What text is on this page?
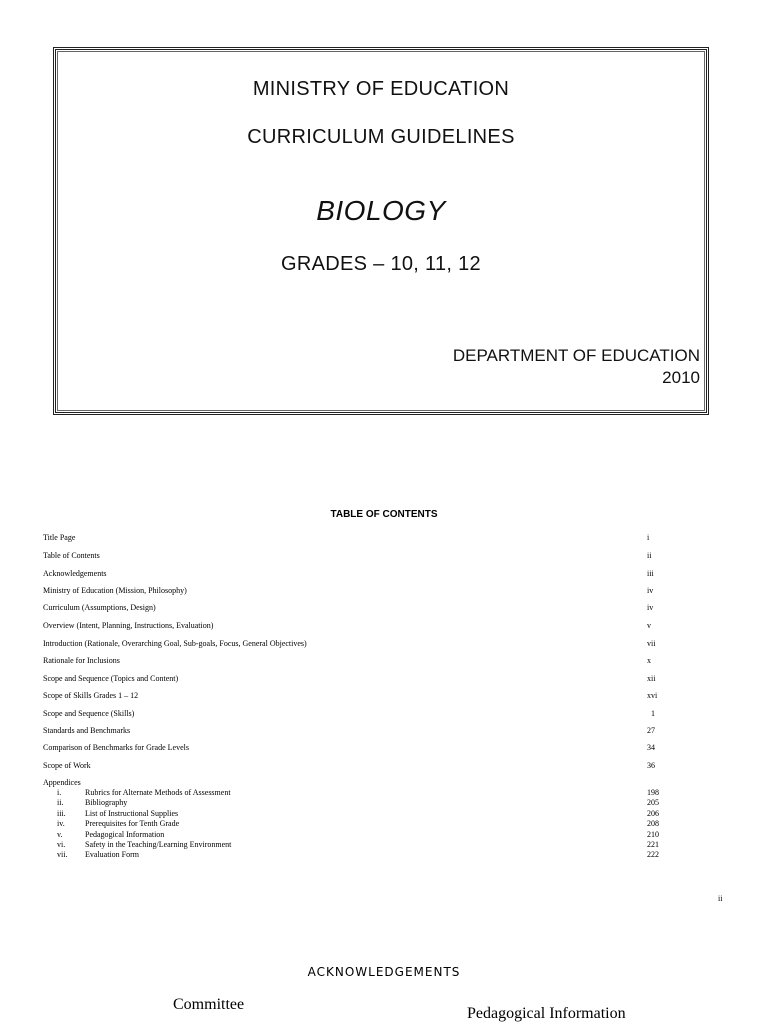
MINISTRY OF EDUCATION
CURRICULUM GUIDELINES
BIOLOGY
GRADES – 10, 11, 12
DEPARTMENT OF EDUCATION
2010
TABLE OF CONTENTS
Title Page	i
Table of Contents	ii
Acknowledgements	iii
Ministry of Education (Mission, Philosophy)	iv
Curriculum (Assumptions, Design)	iv
Overview (Intent, Planning, Instructions, Evaluation)	v
Introduction (Rationale, Overarching Goal, Sub-goals, Focus, General Objectives)	vii
Rationale for Inclusions	x
Scope and Sequence (Topics and Content)	xii
Scope of Skills Grades 1 – 12	xvi
Scope and Sequence (Skills)	1
Standards and Benchmarks	27
Comparison of Benchmarks for Grade Levels	34
Scope of Work	36
Appendices
i.	Rubrics for Alternate Methods of Assessment	198
ii.	Bibliography	205
iii. List of Instructional Supplies	206
iv.	Prerequisites for Tenth Grade	208
v.	Pedagogical Information	210
vi. Safety in the Teaching/Learning Environment	221
vii. Evaluation Form	222
ii
ACKNOWLEDGEMENTS
Committee
Pedagogical Information
